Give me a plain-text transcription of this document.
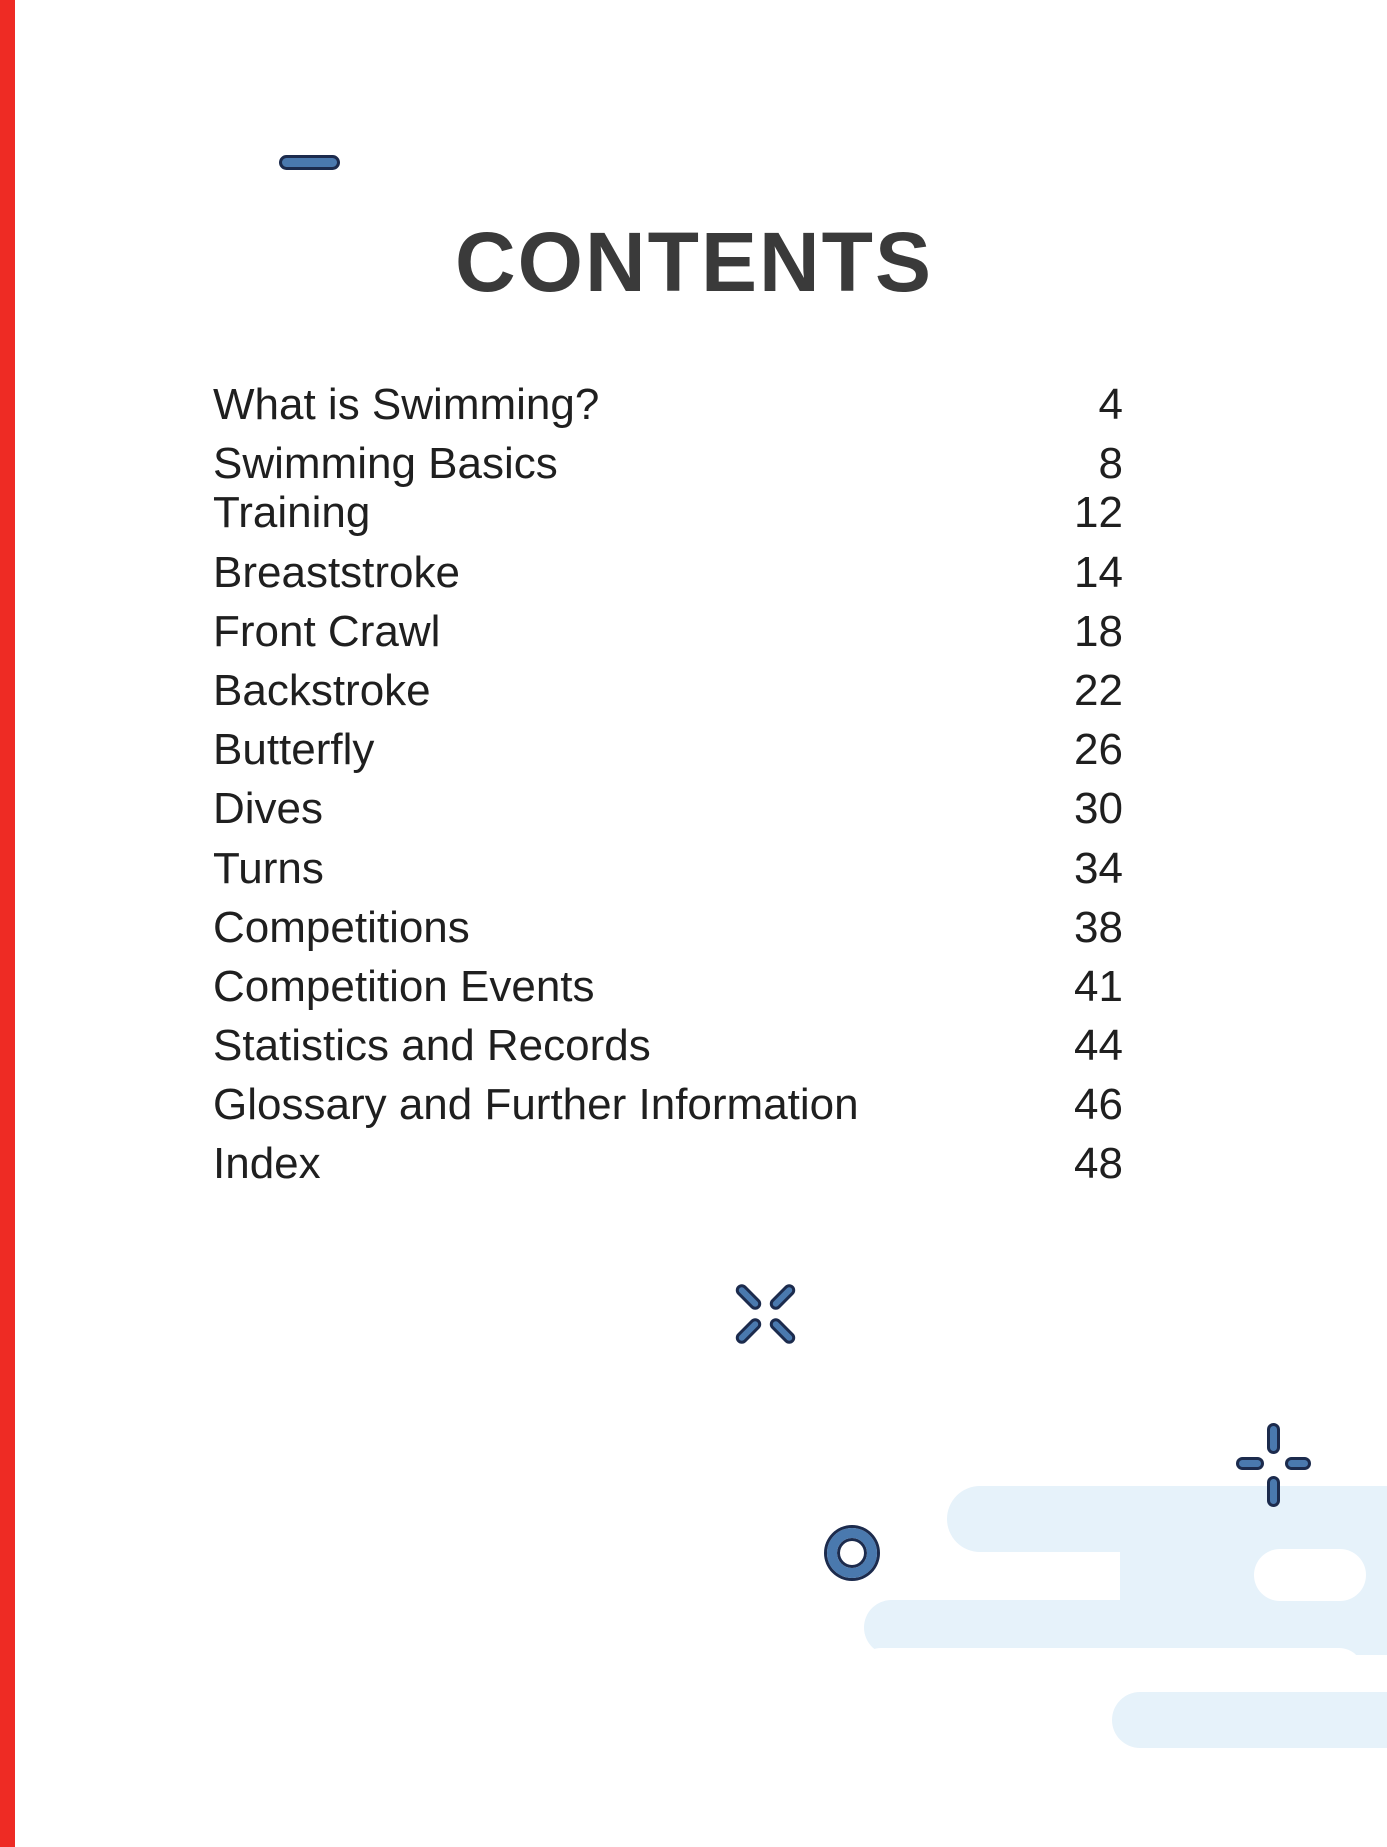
CONTENTS
What is Swimming?	4
Swimming Basics	8
Training	12
Breaststroke	14
Front Crawl	18
Backstroke	22
Butterfly	26
Dives	30
Turns	34
Competitions	38
Competition Events	41
Statistics and Records	44
Glossary and Further Information	46
Index	48
